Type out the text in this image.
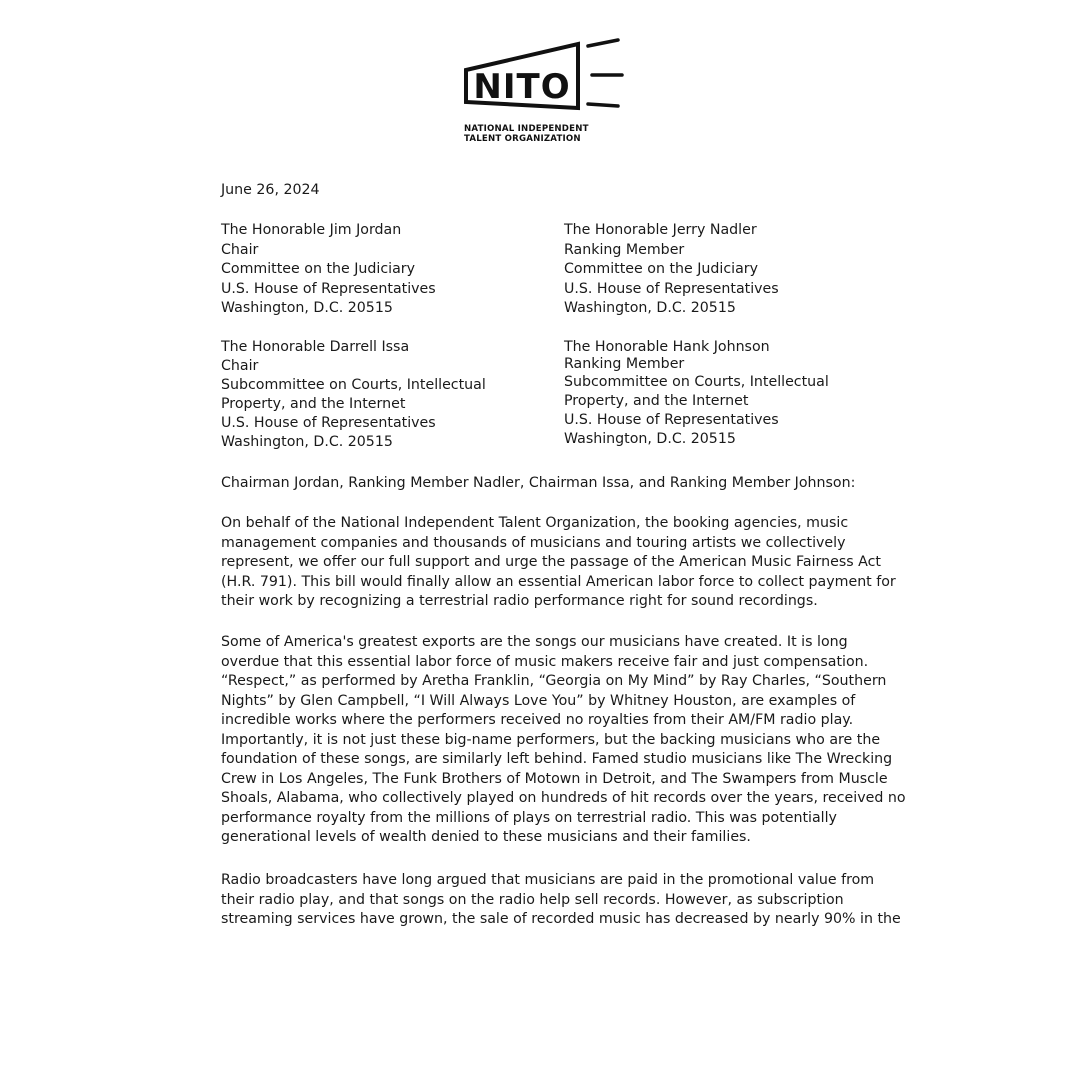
NITO
NATIONAL INDEPENDENT
TALENT ORGANIZATION
June 26, 2024
The Honorable Jim Jordan
Chair
Committee on the Judiciary
U.S. House of Representatives
Washington, D.C. 20515
The Honorable Jerry Nadler
Ranking Member
Committee on the Judiciary
U.S. House of Representatives
Washington, D.C. 20515
The Honorable Darrell Issa
Chair
Subcommittee on Courts, Intellectual
Property, and the Internet
U.S. House of Representatives
Washington, D.C. 20515
The Honorable Hank Johnson
Ranking Member
Subcommittee on Courts, Intellectual
Property, and the Internet
U.S. House of Representatives
Washington, D.C. 20515
Chairman Jordan, Ranking Member Nadler, Chairman Issa, and Ranking Member Johnson:
On behalf of the National Independent Talent Organization, the booking agencies, music
management companies and thousands of musicians and touring artists we collectively
represent, we offer our full support and urge the passage of the American Music Fairness Act
(H.R. 791). This bill would finally allow an essential American labor force to collect payment for
their work by recognizing a terrestrial radio performance right for sound recordings.
Some of America's greatest exports are the songs our musicians have created. It is long
overdue that this essential labor force of music makers receive fair and just compensation.
“Respect,” as performed by Aretha Franklin, “Georgia on My Mind” by Ray Charles, “Southern
Nights” by Glen Campbell, “I Will Always Love You” by Whitney Houston, are examples of
incredible works where the performers received no royalties from their AM/FM radio play.
Importantly, it is not just these big-name performers, but the backing musicians who are the
foundation of these songs, are similarly left behind. Famed studio musicians like The Wrecking
Crew in Los Angeles, The Funk Brothers of Motown in Detroit, and The Swampers from Muscle
Shoals, Alabama, who collectively played on hundreds of hit records over the years, received no
performance royalty from the millions of plays on terrestrial radio. This was potentially
generational levels of wealth denied to these musicians and their families.
Radio broadcasters have long argued that musicians are paid in the promotional value from
their radio play, and that songs on the radio help sell records. However, as subscription
streaming services have grown, the sale of recorded music has decreased by nearly 90% in the
